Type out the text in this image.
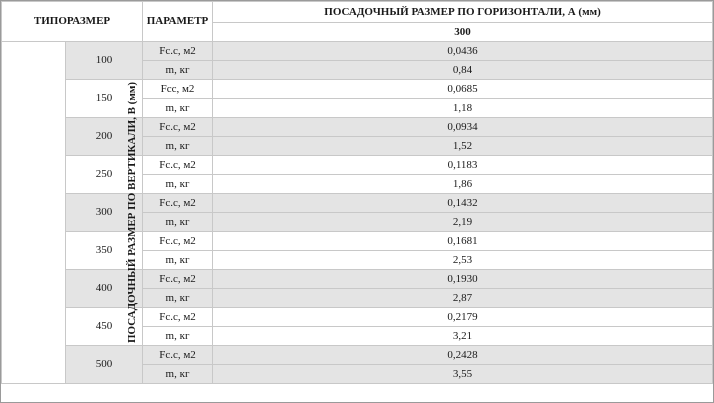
ТИПОРАЗМЕР		ПАРАМЕТР	ПОСАДОЧНЫЙ РАЗМЕР ПО ГОРИЗОНТАЛИ, А (мм)
			300
ПОСАДОЧНЫЙ РАЗМЕР ПО ВЕРТИКАЛИ, В (мм)	100	Fс.с, м2	0,0436
		m, кг	0,84
	150	Fсс, м2	0,0685
		m, кг	1,18
	200	Fс.с, м2	0,0934
		m, кг	1,52
	250	Fс.с, м2	0,1183
		m, кг	1,86
	300	Fс.с, м2	0,1432
		m, кг	2,19
	350	Fс.с, м2	0,1681
		m, кг	2,53
	400	Fс.с, м2	0,1930
		m, кг	2,87
	450	Fс.с, м2	0,2179
		m, кг	3,21
	500	Fс.с, м2	0,2428
		m, кг	3,55
